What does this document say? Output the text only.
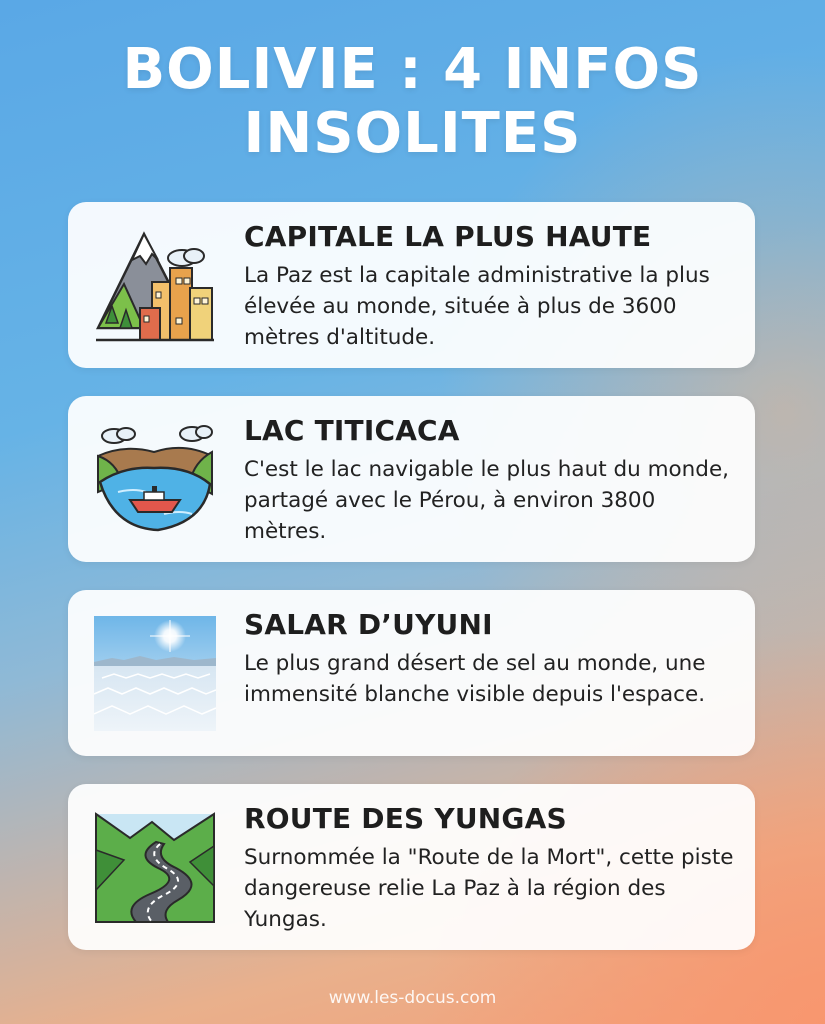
BOLIVIE : 4 INFOS
INSOLITES
CAPITALE LA PLUS HAUTE
La Paz est la capitale administrative la plus élevée au monde, située à plus de 3600 mètres d'altitude.
LAC TITICACA
C'est le lac navigable le plus haut du monde, partagé avec le Pérou, à environ 3800 mètres.
SALAR D’UYUNI
Le plus grand désert de sel au monde, une immensité blanche visible depuis l'espace.
ROUTE DES YUNGAS
Surnommée la "Route de la Mort", cette piste dangereuse relie La Paz à la région des Yungas.
www.les-docus.com
